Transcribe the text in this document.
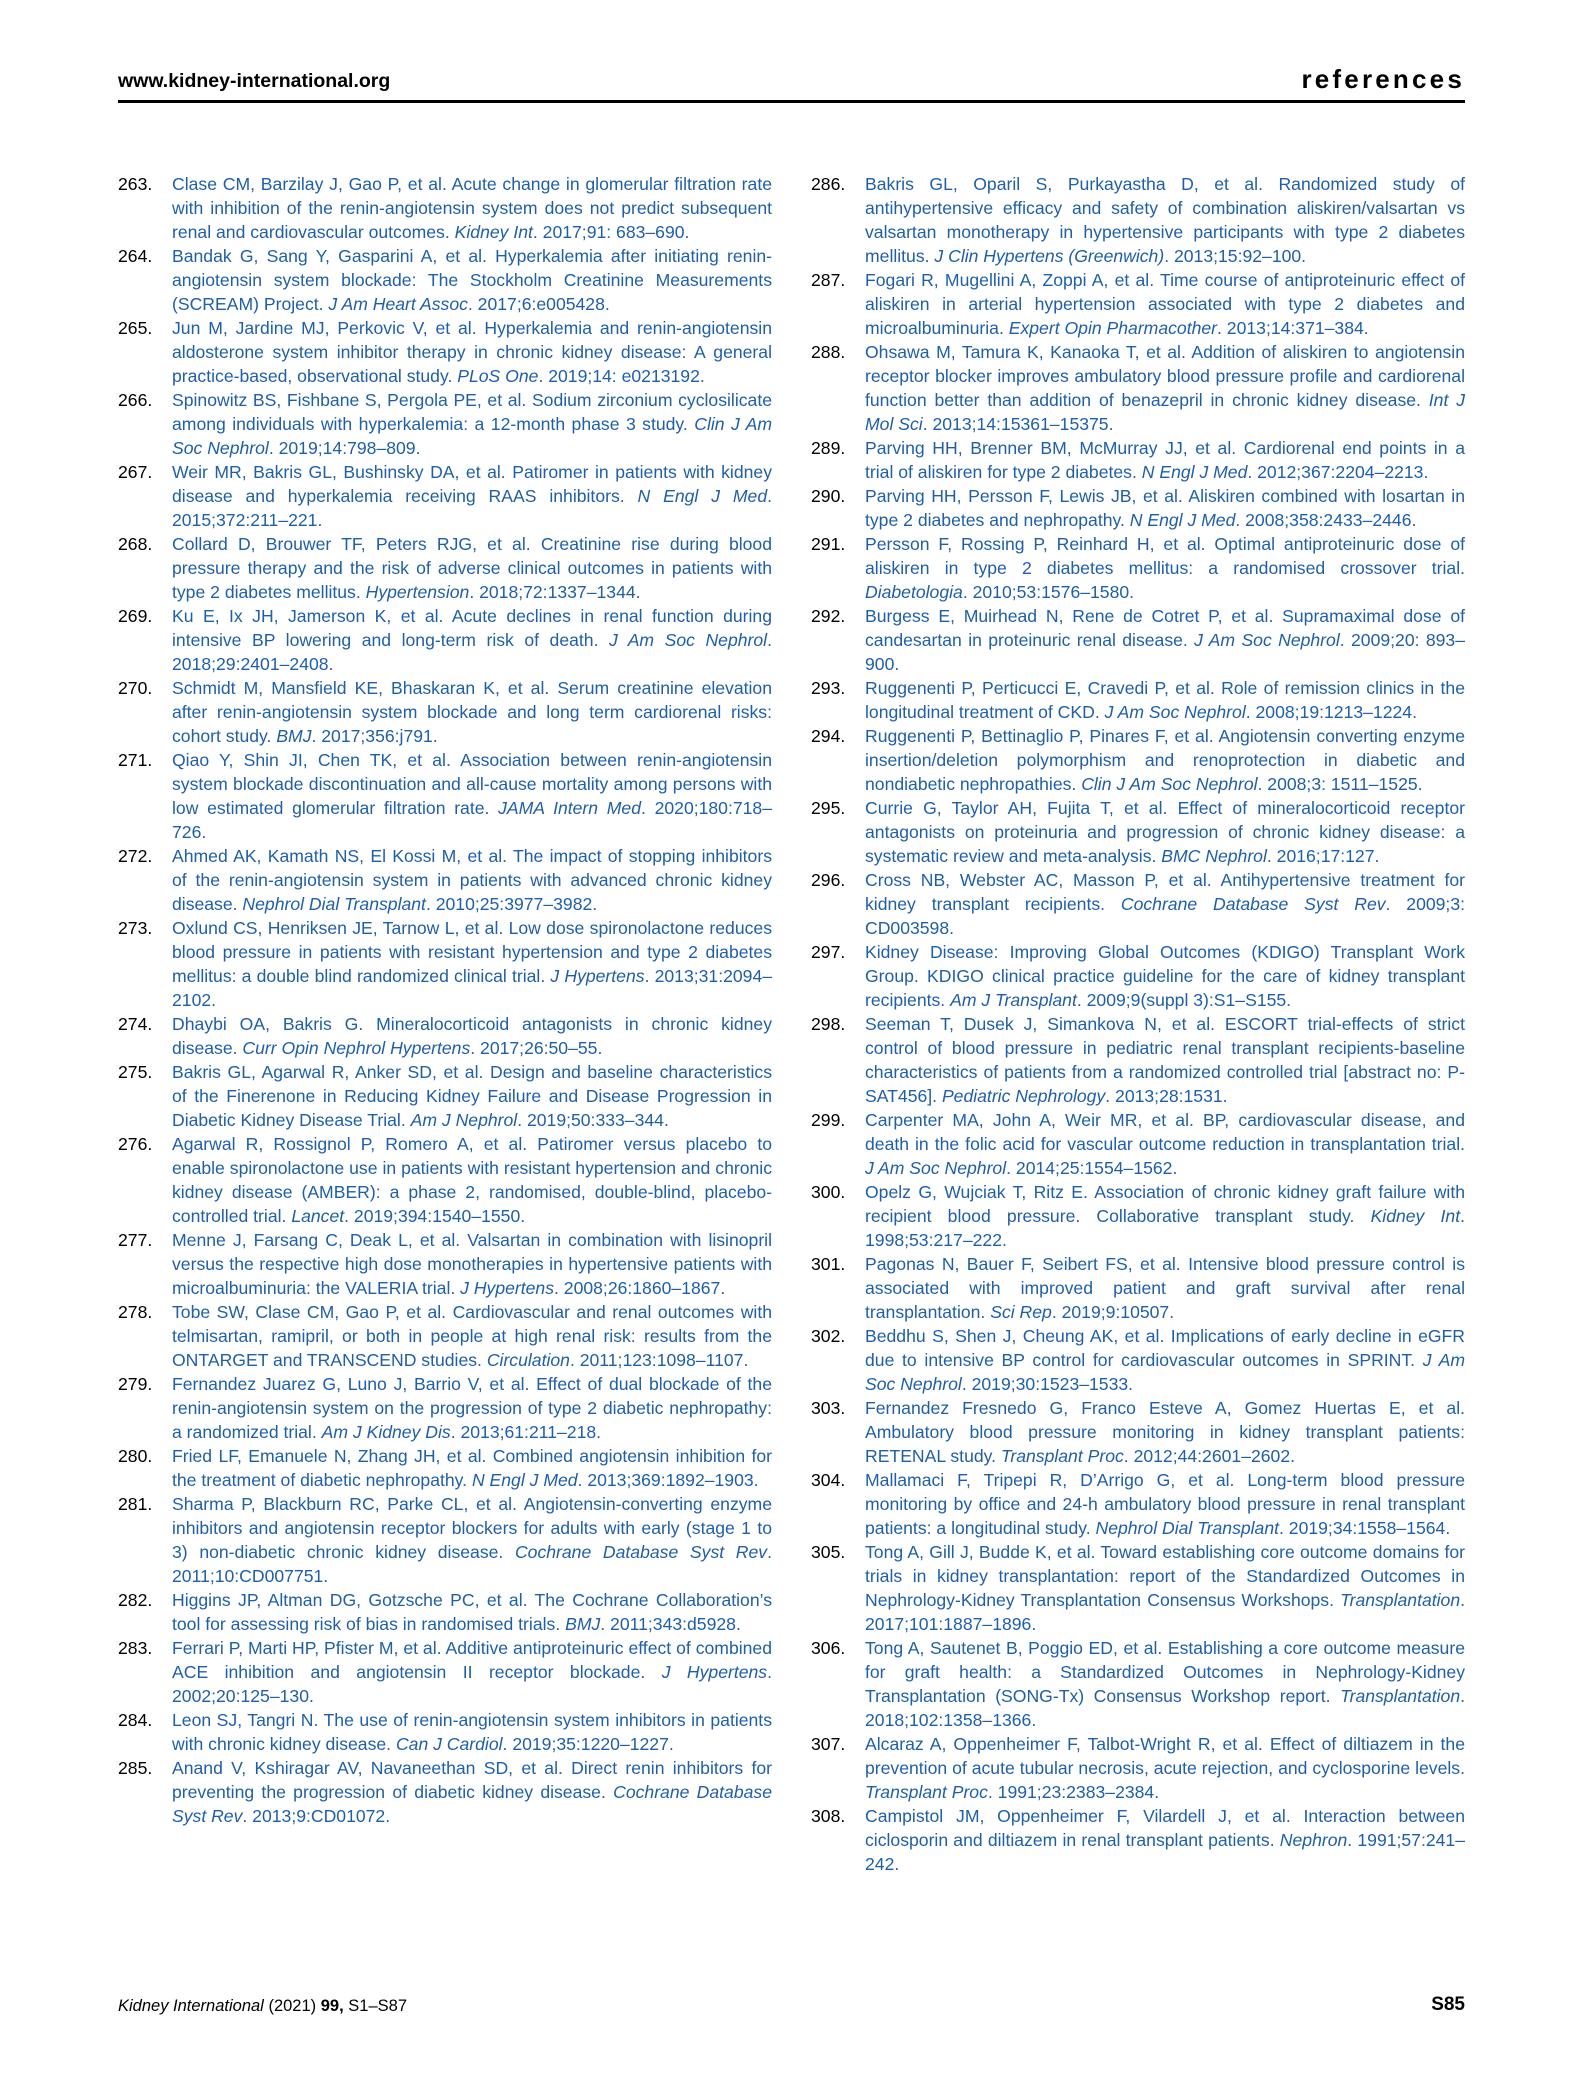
www.kidney-international.org	references
263. Clase CM, Barzilay J, Gao P, et al. Acute change in glomerular filtration rate with inhibition of the renin-angiotensin system does not predict subsequent renal and cardiovascular outcomes. Kidney Int. 2017;91: 683–690.
264. Bandak G, Sang Y, Gasparini A, et al. Hyperkalemia after initiating renin-angiotensin system blockade: The Stockholm Creatinine Measurements (SCREAM) Project. J Am Heart Assoc. 2017;6:e005428.
265. Jun M, Jardine MJ, Perkovic V, et al. Hyperkalemia and renin-angiotensin aldosterone system inhibitor therapy in chronic kidney disease: A general practice-based, observational study. PLoS One. 2019;14: e0213192.
266. Spinowitz BS, Fishbane S, Pergola PE, et al. Sodium zirconium cyclosilicate among individuals with hyperkalemia: a 12-month phase 3 study. Clin J Am Soc Nephrol. 2019;14:798–809.
267. Weir MR, Bakris GL, Bushinsky DA, et al. Patiromer in patients with kidney disease and hyperkalemia receiving RAAS inhibitors. N Engl J Med. 2015;372:211–221.
268. Collard D, Brouwer TF, Peters RJG, et al. Creatinine rise during blood pressure therapy and the risk of adverse clinical outcomes in patients with type 2 diabetes mellitus. Hypertension. 2018;72:1337–1344.
269. Ku E, Ix JH, Jamerson K, et al. Acute declines in renal function during intensive BP lowering and long-term risk of death. J Am Soc Nephrol. 2018;29:2401–2408.
270. Schmidt M, Mansfield KE, Bhaskaran K, et al. Serum creatinine elevation after renin-angiotensin system blockade and long term cardiorenal risks: cohort study. BMJ. 2017;356:j791.
271. Qiao Y, Shin JI, Chen TK, et al. Association between renin-angiotensin system blockade discontinuation and all-cause mortality among persons with low estimated glomerular filtration rate. JAMA Intern Med. 2020;180:718–726.
272. Ahmed AK, Kamath NS, El Kossi M, et al. The impact of stopping inhibitors of the renin-angiotensin system in patients with advanced chronic kidney disease. Nephrol Dial Transplant. 2010;25:3977–3982.
273. Oxlund CS, Henriksen JE, Tarnow L, et al. Low dose spironolactone reduces blood pressure in patients with resistant hypertension and type 2 diabetes mellitus: a double blind randomized clinical trial. J Hypertens. 2013;31:2094–2102.
274. Dhaybi OA, Bakris G. Mineralocorticoid antagonists in chronic kidney disease. Curr Opin Nephrol Hypertens. 2017;26:50–55.
275. Bakris GL, Agarwal R, Anker SD, et al. Design and baseline characteristics of the Finerenone in Reducing Kidney Failure and Disease Progression in Diabetic Kidney Disease Trial. Am J Nephrol. 2019;50:333–344.
276. Agarwal R, Rossignol P, Romero A, et al. Patiromer versus placebo to enable spironolactone use in patients with resistant hypertension and chronic kidney disease (AMBER): a phase 2, randomised, double-blind, placebo-controlled trial. Lancet. 2019;394:1540–1550.
277. Menne J, Farsang C, Deak L, et al. Valsartan in combination with lisinopril versus the respective high dose monotherapies in hypertensive patients with microalbuminuria: the VALERIA trial. J Hypertens. 2008;26:1860–1867.
278. Tobe SW, Clase CM, Gao P, et al. Cardiovascular and renal outcomes with telmisartan, ramipril, or both in people at high renal risk: results from the ONTARGET and TRANSCEND studies. Circulation. 2011;123:1098–1107.
279. Fernandez Juarez G, Luno J, Barrio V, et al. Effect of dual blockade of the renin-angiotensin system on the progression of type 2 diabetic nephropathy: a randomized trial. Am J Kidney Dis. 2013;61:211–218.
280. Fried LF, Emanuele N, Zhang JH, et al. Combined angiotensin inhibition for the treatment of diabetic nephropathy. N Engl J Med. 2013;369:1892–1903.
281. Sharma P, Blackburn RC, Parke CL, et al. Angiotensin-converting enzyme inhibitors and angiotensin receptor blockers for adults with early (stage 1 to 3) non-diabetic chronic kidney disease. Cochrane Database Syst Rev. 2011;10:CD007751.
282. Higgins JP, Altman DG, Gotzsche PC, et al. The Cochrane Collaboration’s tool for assessing risk of bias in randomised trials. BMJ. 2011;343:d5928.
283. Ferrari P, Marti HP, Pfister M, et al. Additive antiproteinuric effect of combined ACE inhibition and angiotensin II receptor blockade. J Hypertens. 2002;20:125–130.
284. Leon SJ, Tangri N. The use of renin-angiotensin system inhibitors in patients with chronic kidney disease. Can J Cardiol. 2019;35:1220–1227.
285. Anand V, Kshiragar AV, Navaneethan SD, et al. Direct renin inhibitors for preventing the progression of diabetic kidney disease. Cochrane Database Syst Rev. 2013;9:CD01072.
286. Bakris GL, Oparil S, Purkayastha D, et al. Randomized study of antihypertensive efficacy and safety of combination aliskiren/valsartan vs valsartan monotherapy in hypertensive participants with type 2 diabetes mellitus. J Clin Hypertens (Greenwich). 2013;15:92–100.
287. Fogari R, Mugellini A, Zoppi A, et al. Time course of antiproteinuric effect of aliskiren in arterial hypertension associated with type 2 diabetes and microalbuminuria. Expert Opin Pharmacother. 2013;14:371–384.
288. Ohsawa M, Tamura K, Kanaoka T, et al. Addition of aliskiren to angiotensin receptor blocker improves ambulatory blood pressure profile and cardiorenal function better than addition of benazepril in chronic kidney disease. Int J Mol Sci. 2013;14:15361–15375.
289. Parving HH, Brenner BM, McMurray JJ, et al. Cardiorenal end points in a trial of aliskiren for type 2 diabetes. N Engl J Med. 2012;367:2204–2213.
290. Parving HH, Persson F, Lewis JB, et al. Aliskiren combined with losartan in type 2 diabetes and nephropathy. N Engl J Med. 2008;358:2433–2446.
291. Persson F, Rossing P, Reinhard H, et al. Optimal antiproteinuric dose of aliskiren in type 2 diabetes mellitus: a randomised crossover trial. Diabetologia. 2010;53:1576–1580.
292. Burgess E, Muirhead N, Rene de Cotret P, et al. Supramaximal dose of candesartan in proteinuric renal disease. J Am Soc Nephrol. 2009;20: 893–900.
293. Ruggenenti P, Perticucci E, Cravedi P, et al. Role of remission clinics in the longitudinal treatment of CKD. J Am Soc Nephrol. 2008;19:1213–1224.
294. Ruggenenti P, Bettinaglio P, Pinares F, et al. Angiotensin converting enzyme insertion/deletion polymorphism and renoprotection in diabetic and nondiabetic nephropathies. Clin J Am Soc Nephrol. 2008;3: 1511–1525.
295. Currie G, Taylor AH, Fujita T, et al. Effect of mineralocorticoid receptor antagonists on proteinuria and progression of chronic kidney disease: a systematic review and meta-analysis. BMC Nephrol. 2016;17:127.
296. Cross NB, Webster AC, Masson P, et al. Antihypertensive treatment for kidney transplant recipients. Cochrane Database Syst Rev. 2009;3: CD003598.
297. Kidney Disease: Improving Global Outcomes (KDIGO) Transplant Work Group. KDIGO clinical practice guideline for the care of kidney transplant recipients. Am J Transplant. 2009;9(suppl 3):S1–S155.
298. Seeman T, Dusek J, Simankova N, et al. ESCORT trial-effects of strict control of blood pressure in pediatric renal transplant recipients-baseline characteristics of patients from a randomized controlled trial [abstract no: P-SAT456]. Pediatric Nephrology. 2013;28:1531.
299. Carpenter MA, John A, Weir MR, et al. BP, cardiovascular disease, and death in the folic acid for vascular outcome reduction in transplantation trial. J Am Soc Nephrol. 2014;25:1554–1562.
300. Opelz G, Wujciak T, Ritz E. Association of chronic kidney graft failure with recipient blood pressure. Collaborative transplant study. Kidney Int. 1998;53:217–222.
301. Pagonas N, Bauer F, Seibert FS, et al. Intensive blood pressure control is associated with improved patient and graft survival after renal transplantation. Sci Rep. 2019;9:10507.
302. Beddhu S, Shen J, Cheung AK, et al. Implications of early decline in eGFR due to intensive BP control for cardiovascular outcomes in SPRINT. J Am Soc Nephrol. 2019;30:1523–1533.
303. Fernandez Fresnedo G, Franco Esteve A, Gomez Huertas E, et al. Ambulatory blood pressure monitoring in kidney transplant patients: RETENAL study. Transplant Proc. 2012;44:2601–2602.
304. Mallamaci F, Tripepi R, D’Arrigo G, et al. Long-term blood pressure monitoring by office and 24-h ambulatory blood pressure in renal transplant patients: a longitudinal study. Nephrol Dial Transplant. 2019;34:1558–1564.
305. Tong A, Gill J, Budde K, et al. Toward establishing core outcome domains for trials in kidney transplantation: report of the Standardized Outcomes in Nephrology-Kidney Transplantation Consensus Workshops. Transplantation. 2017;101:1887–1896.
306. Tong A, Sautenet B, Poggio ED, et al. Establishing a core outcome measure for graft health: a Standardized Outcomes in Nephrology-Kidney Transplantation (SONG-Tx) Consensus Workshop report. Transplantation. 2018;102:1358–1366.
307. Alcaraz A, Oppenheimer F, Talbot-Wright R, et al. Effect of diltiazem in the prevention of acute tubular necrosis, acute rejection, and cyclosporine levels. Transplant Proc. 1991;23:2383–2384.
308. Campistol JM, Oppenheimer F, Vilardell J, et al. Interaction between ciclosporin and diltiazem in renal transplant patients. Nephron. 1991;57:241–242.
Kidney International (2021) 99, S1–S87	S85
